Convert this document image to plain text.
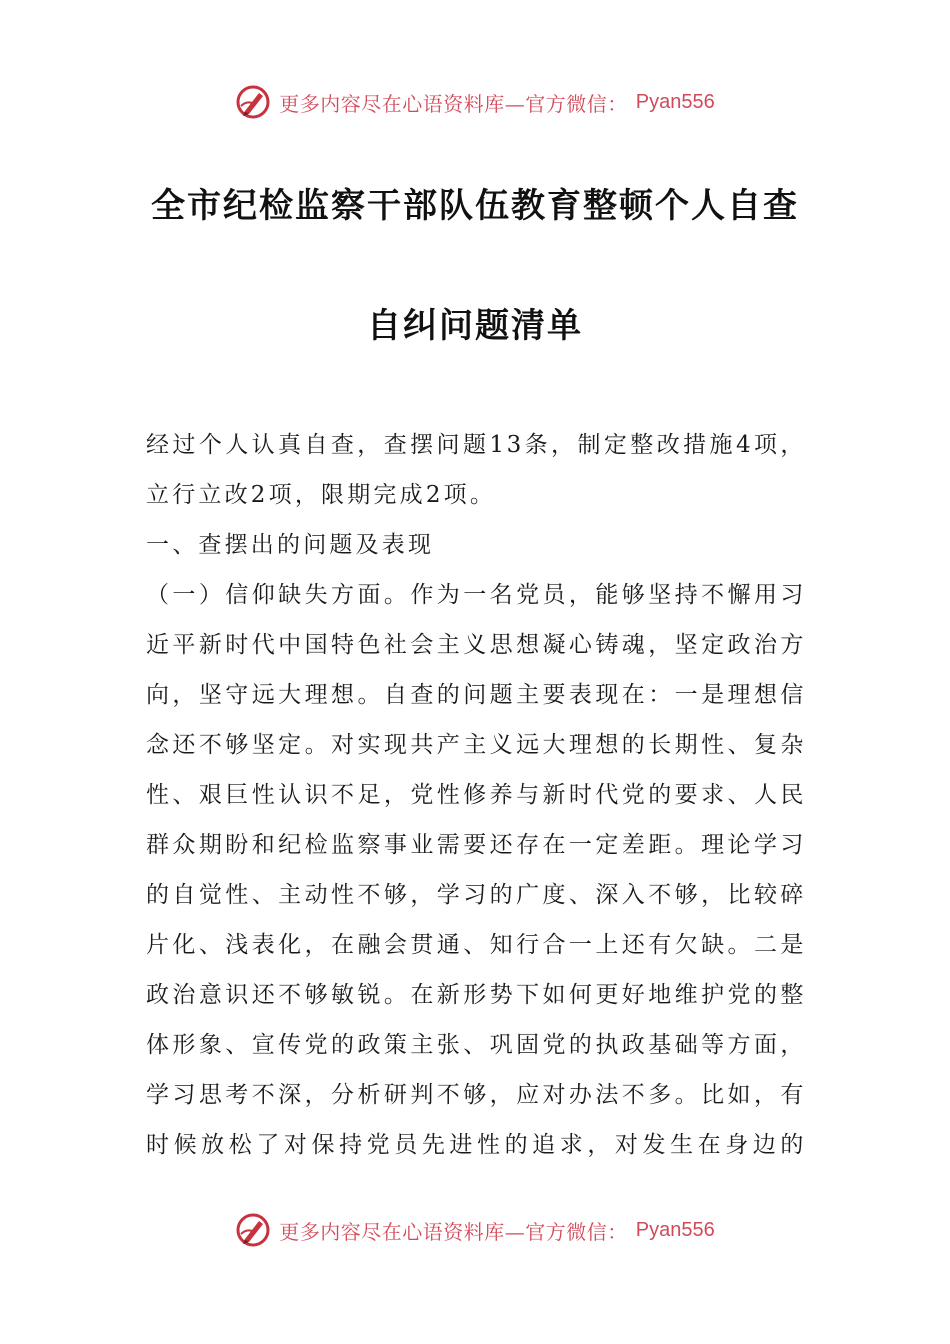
更多内容尽在心语资料库—官方微信： Pyan556
全市纪检监察干部队伍教育整顿个人自查
自纠问题清单
经过个人认真自查，查摆问题13条，制定整改措施4项，
立行立改2项，限期完成2项。
一、查摆出的问题及表现
（一）信仰缺失方面。作为一名党员，能够坚持不懈用习
近平新时代中国特色社会主义思想凝心铸魂，坚定政治方
向，坚守远大理想。自查的问题主要表现在：一是理想信
念还不够坚定。对实现共产主义远大理想的长期性、复杂
性、艰巨性认识不足，党性修养与新时代党的要求、人民
群众期盼和纪检监察事业需要还存在一定差距。理论学习
的自觉性、主动性不够，学习的广度、深入不够，比较碎
片化、浅表化，在融会贯通、知行合一上还有欠缺。二是
政治意识还不够敏锐。在新形势下如何更好地维护党的整
体形象、宣传党的政策主张、巩固党的执政基础等方面，
学习思考不深，分析研判不够，应对办法不多。比如，有
时候放松了对保持党员先进性的追求，对发生在身边的
更多内容尽在心语资料库—官方微信： Pyan556
